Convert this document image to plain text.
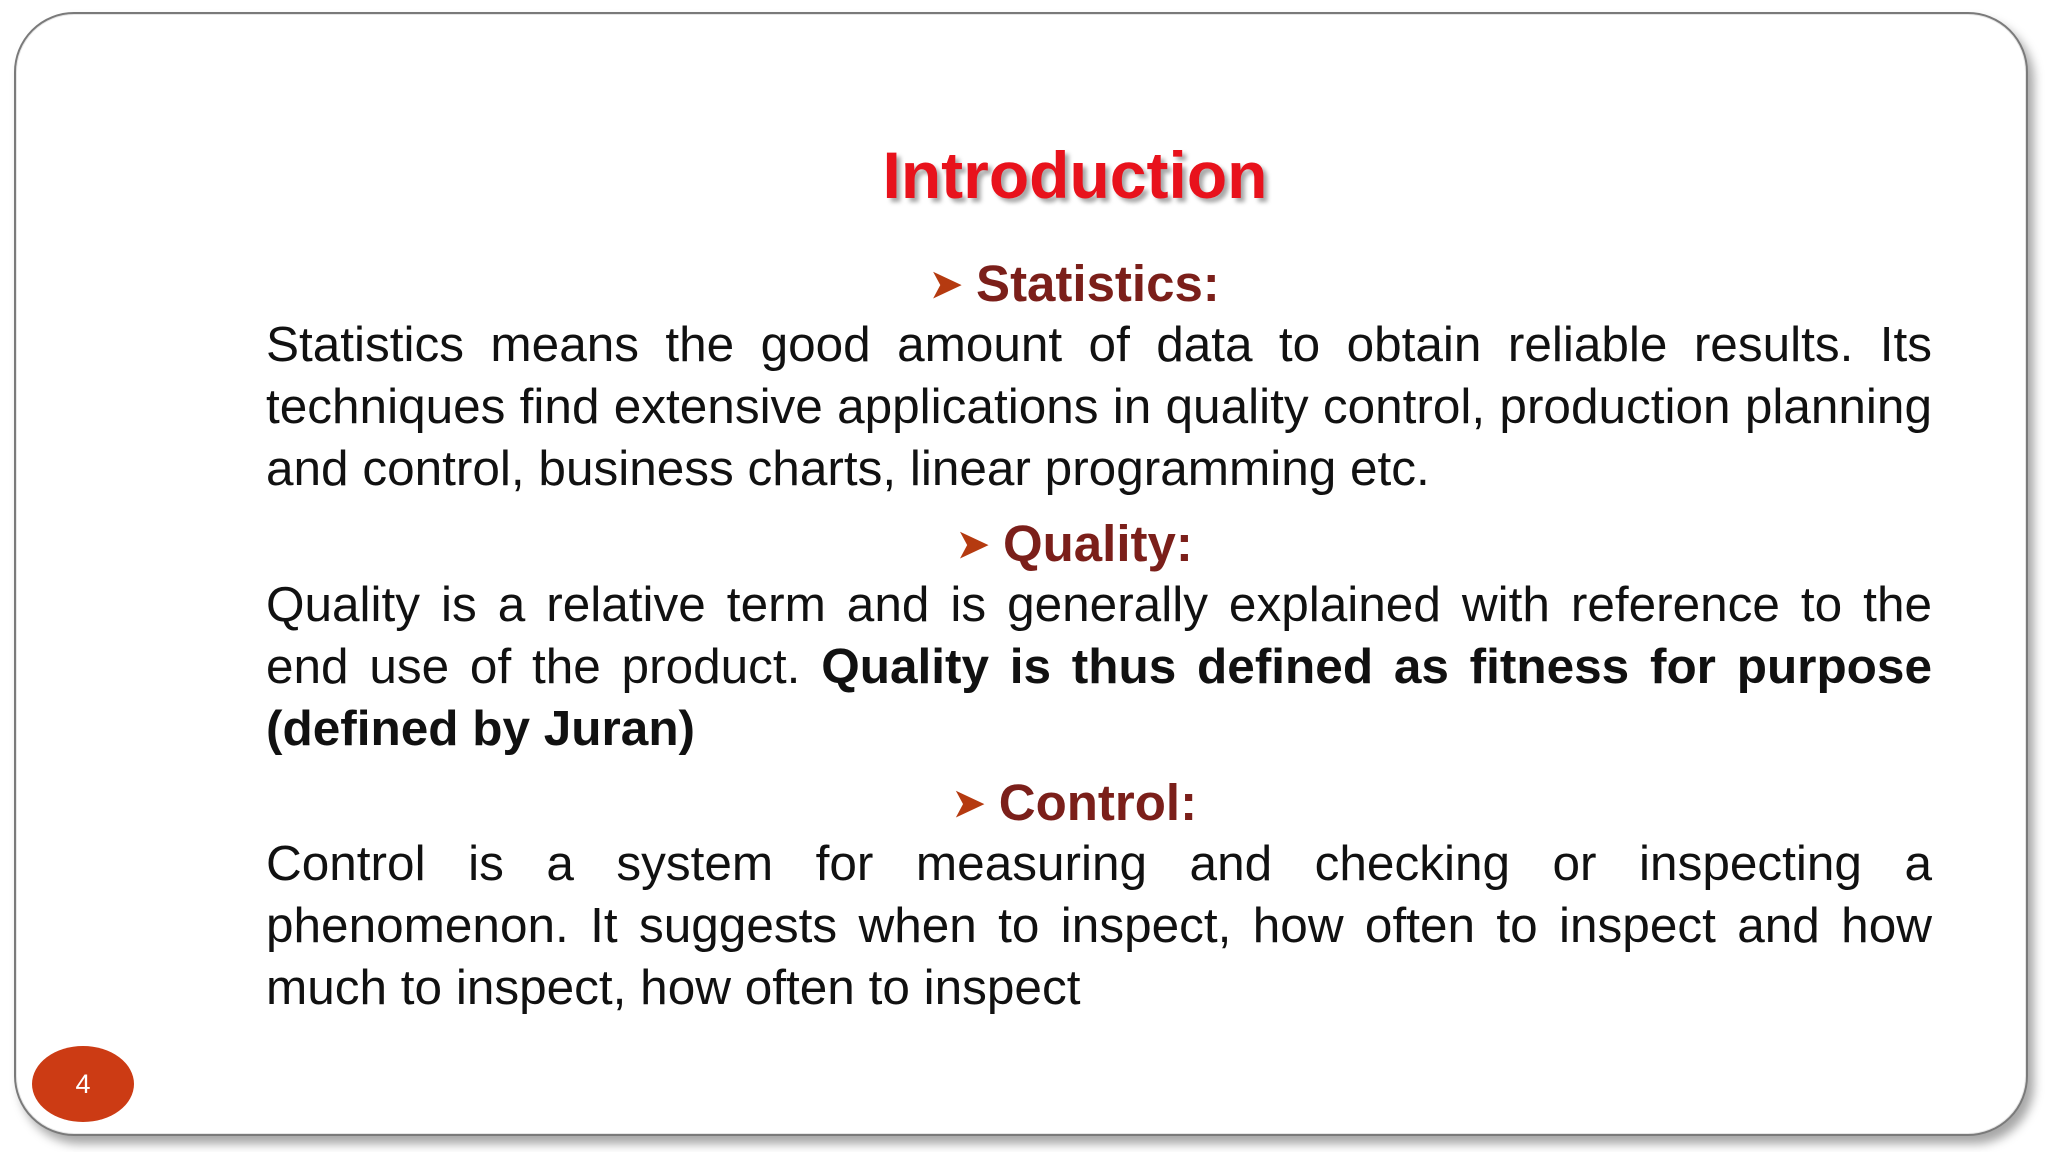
Introduction
➤ Statistics:

Statistics means the good amount of data to obtain reliable results. Its techniques find extensive applications in quality control, production planning and control, business charts, linear programming etc.

➤ Quality:

Quality is a relative term and is generally explained with reference to the end use of the product. Quality is thus defined as fitness for purpose (defined by Juran)

➤ Control:

Control is a system for measuring and checking or inspecting a phenomenon. It suggests when to inspect, how often to inspect and how much to inspect, how often to inspect

4
